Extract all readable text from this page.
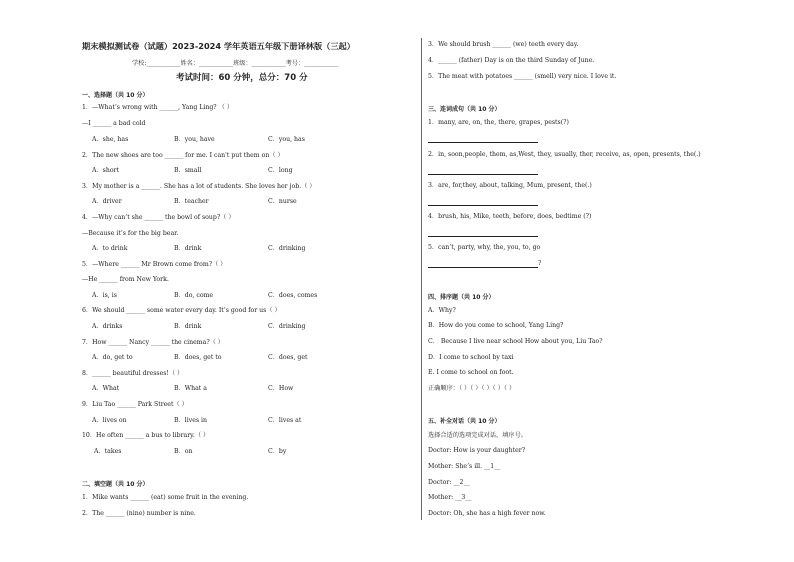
期末模拟测试卷（试题）2023-2024 学年英语五年级下册译林版（三起）
学校:___________姓名：___________班级：___________考号：___________
考试时间：60 分钟，总分：70 分
一、选择题（共 10 分）
1．—What’s wrong with ______, Yang Ling? （ ）
—I ______ a bad cold
A．she, has	B．you, have	C．you, has
2．The new shoes are too ______ for me. I can't put them on（ ）
A．short	B．small	C．long
3．My mother is a ______. She has a lot of students. She loves her job.（ ）
A．driver	B．teacher	C．nurse
4．—Why can’t she ______ the bowl of soup?（ ）
—Because it’s for the big bear.
A．to drink	B．drink	C．drinking
5．—Where ______ Mr Brown come from?（ ）
—He ______ from New York.
A．is, is	B．do, come	C．does, comes
6．We should ______ some water every day. It’s good for us（ ）
A．drinks	B．drink	C．drinking
7．How ______ Nancy ______ the cinema?（ ）
A．do, get to	B．does, get to	C．does, get
8．______ beautiful dresses!（ ）
A．What	B．What a	C．How
9．Liu Tao ______ Park Street（ ）
A．lives on	B．lives in	C．lives at
10．He often ______ a bus to library.（ ）
A．takes	B．on	C．by
二、填空题（共 10 分）
1．Mike wants ______ (eat) some fruit in the evening.
2．The ______ (nine) number is nine.
3．We should brush ______ (we) teeth every day.
4．______ (father) Day is on the third Sunday of June.
5．The meat with potatoes ______ (smell) very nice. I love it.
三、连词成句（共 10 分）
1．many, are, on, the, there, grapes, pests(?)
2．in, soon,people, them, as,West, they, usually, ther, receive, as, open, presents, the(.)
3．are, for,they, about, talking, Mum, present, the(.)
4．brush, his, Mike, teeth, before, does, bedtime (?)
5．can’t, party, why, the, you, to, go
?
四、排序题（共 10 分）
A．Why?
B．How do you come to school, Yang Ling?
C． Because I live near school How about you, Liu Tao?
D．I come to school by taxi
E. I come to school on foot.
正确顺序：（ ）（ ）（ ）（ ）（ ）
五、补全对话（共 10 分）
选择合适的选项完成对话，填序号。
Doctor: How is your daughter?
Mother: She’s ill. __1__
Doctor: __2__
Mother: __3__
Doctor: Oh, she has a high fever now.
